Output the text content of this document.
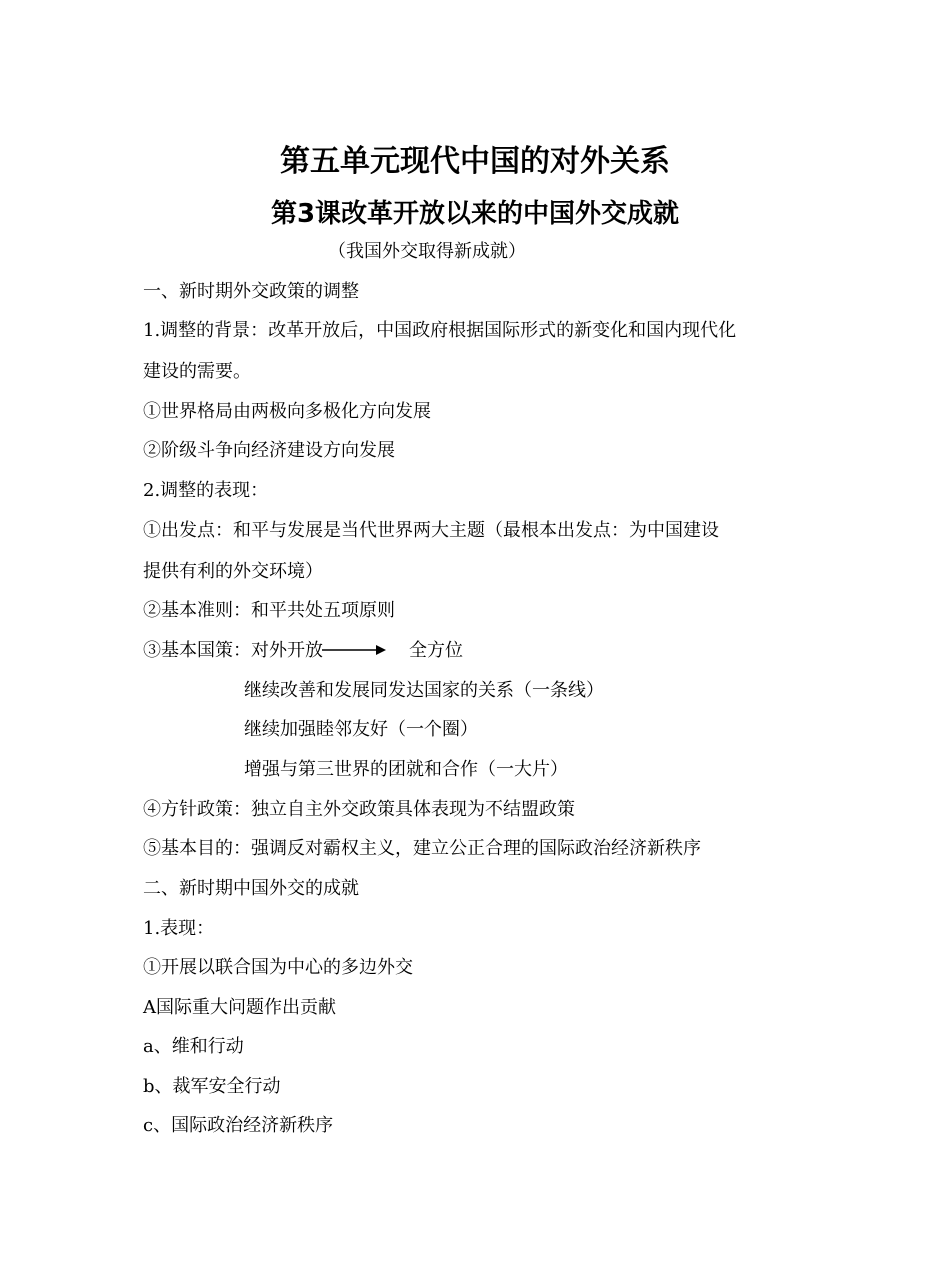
第五单元现代中国的对外关系
第3课改革开放以来的中国外交成就
（我国外交取得新成就）
一、新时期外交政策的调整
1.调整的背景：改革开放后，中国政府根据国际形式的新变化和国内现代化
建设的需要。
①世界格局由两极向多极化方向发展
②阶级斗争向经济建设方向发展
2.调整的表现：
①出发点：和平与发展是当代世界两大主题（最根本出发点：为中国建设
提供有利的外交环境）
②基本准则：和平共处五项原则
③基本国策：对外开放	全方位
继续改善和发展同发达国家的关系（一条线）
继续加强睦邻友好（一个圈）
增强与第三世界的团就和合作（一大片）
④方针政策：独立自主外交政策具体表现为不结盟政策
⑤基本目的：强调反对霸权主义，建立公正合理的国际政治经济新秩序
二、新时期中国外交的成就
1.表现：
①开展以联合国为中心的多边外交
A国际重大问题作出贡献
a、维和行动
b、裁军安全行动
c、国际政治经济新秩序
